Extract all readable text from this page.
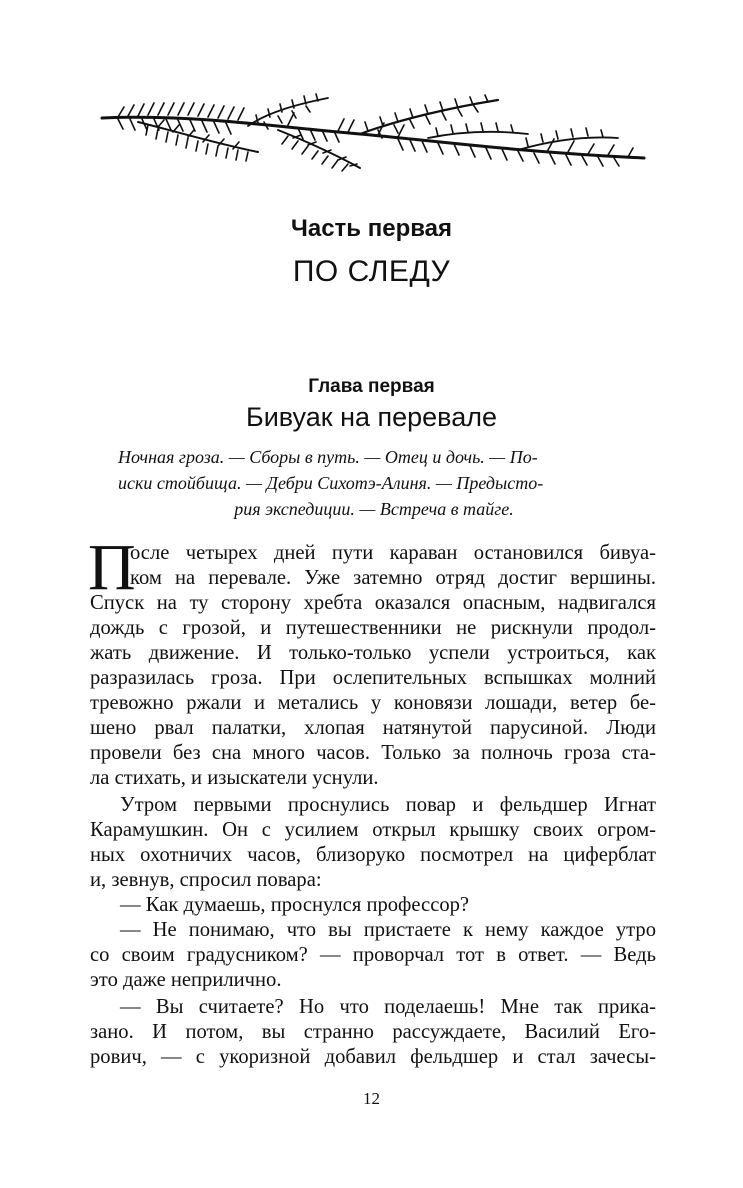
Часть первая
ПО СЛЕДУ
Глава первая
Бивуак на перевале
Ночная гроза. — Сборы в путь. — Отец и дочь. — По-
иски стойбища. — Дебри Сихотэ-Алиня. — Предысто-
рия экспедиции. — Встреча в тайге.
П
осле четырех дней пути караван остановился бивуа-
ком на перевале. Уже затемно отряд достиг вершины.
Спуск на ту сторону хребта оказался опасным, надвигался
дождь с грозой, и путешественники не рискнули продол-
жать движение. И только-только успели устроиться, как
разразилась гроза. При ослепительных вспышках молний
тревожно ржали и метались у коновязи лошади, ветер бе-
шено рвал палатки, хлопая натянутой парусиной. Люди
провели без сна много часов. Только за полночь гроза ста-
ла стихать, и изыскатели уснули.
Утром первыми проснулись повар и фельдшер Игнат
Карамушкин. Он с усилием открыл крышку своих огром-
ных охотничих часов, близоруко посмотрел на циферблат
и, зевнув, спросил повара:
— Как думаешь, проснулся профессор?
— Не понимаю, что вы пристаете к нему каждое утро
со своим градусником? — проворчал тот в ответ. — Ведь
это даже неприлично.
— Вы считаете? Но что поделаешь! Мне так прика-
зано. И потом, вы странно рассуждаете, Василий Его-
рович, — с укоризной добавил фельдшер и стал зачесы-
12
